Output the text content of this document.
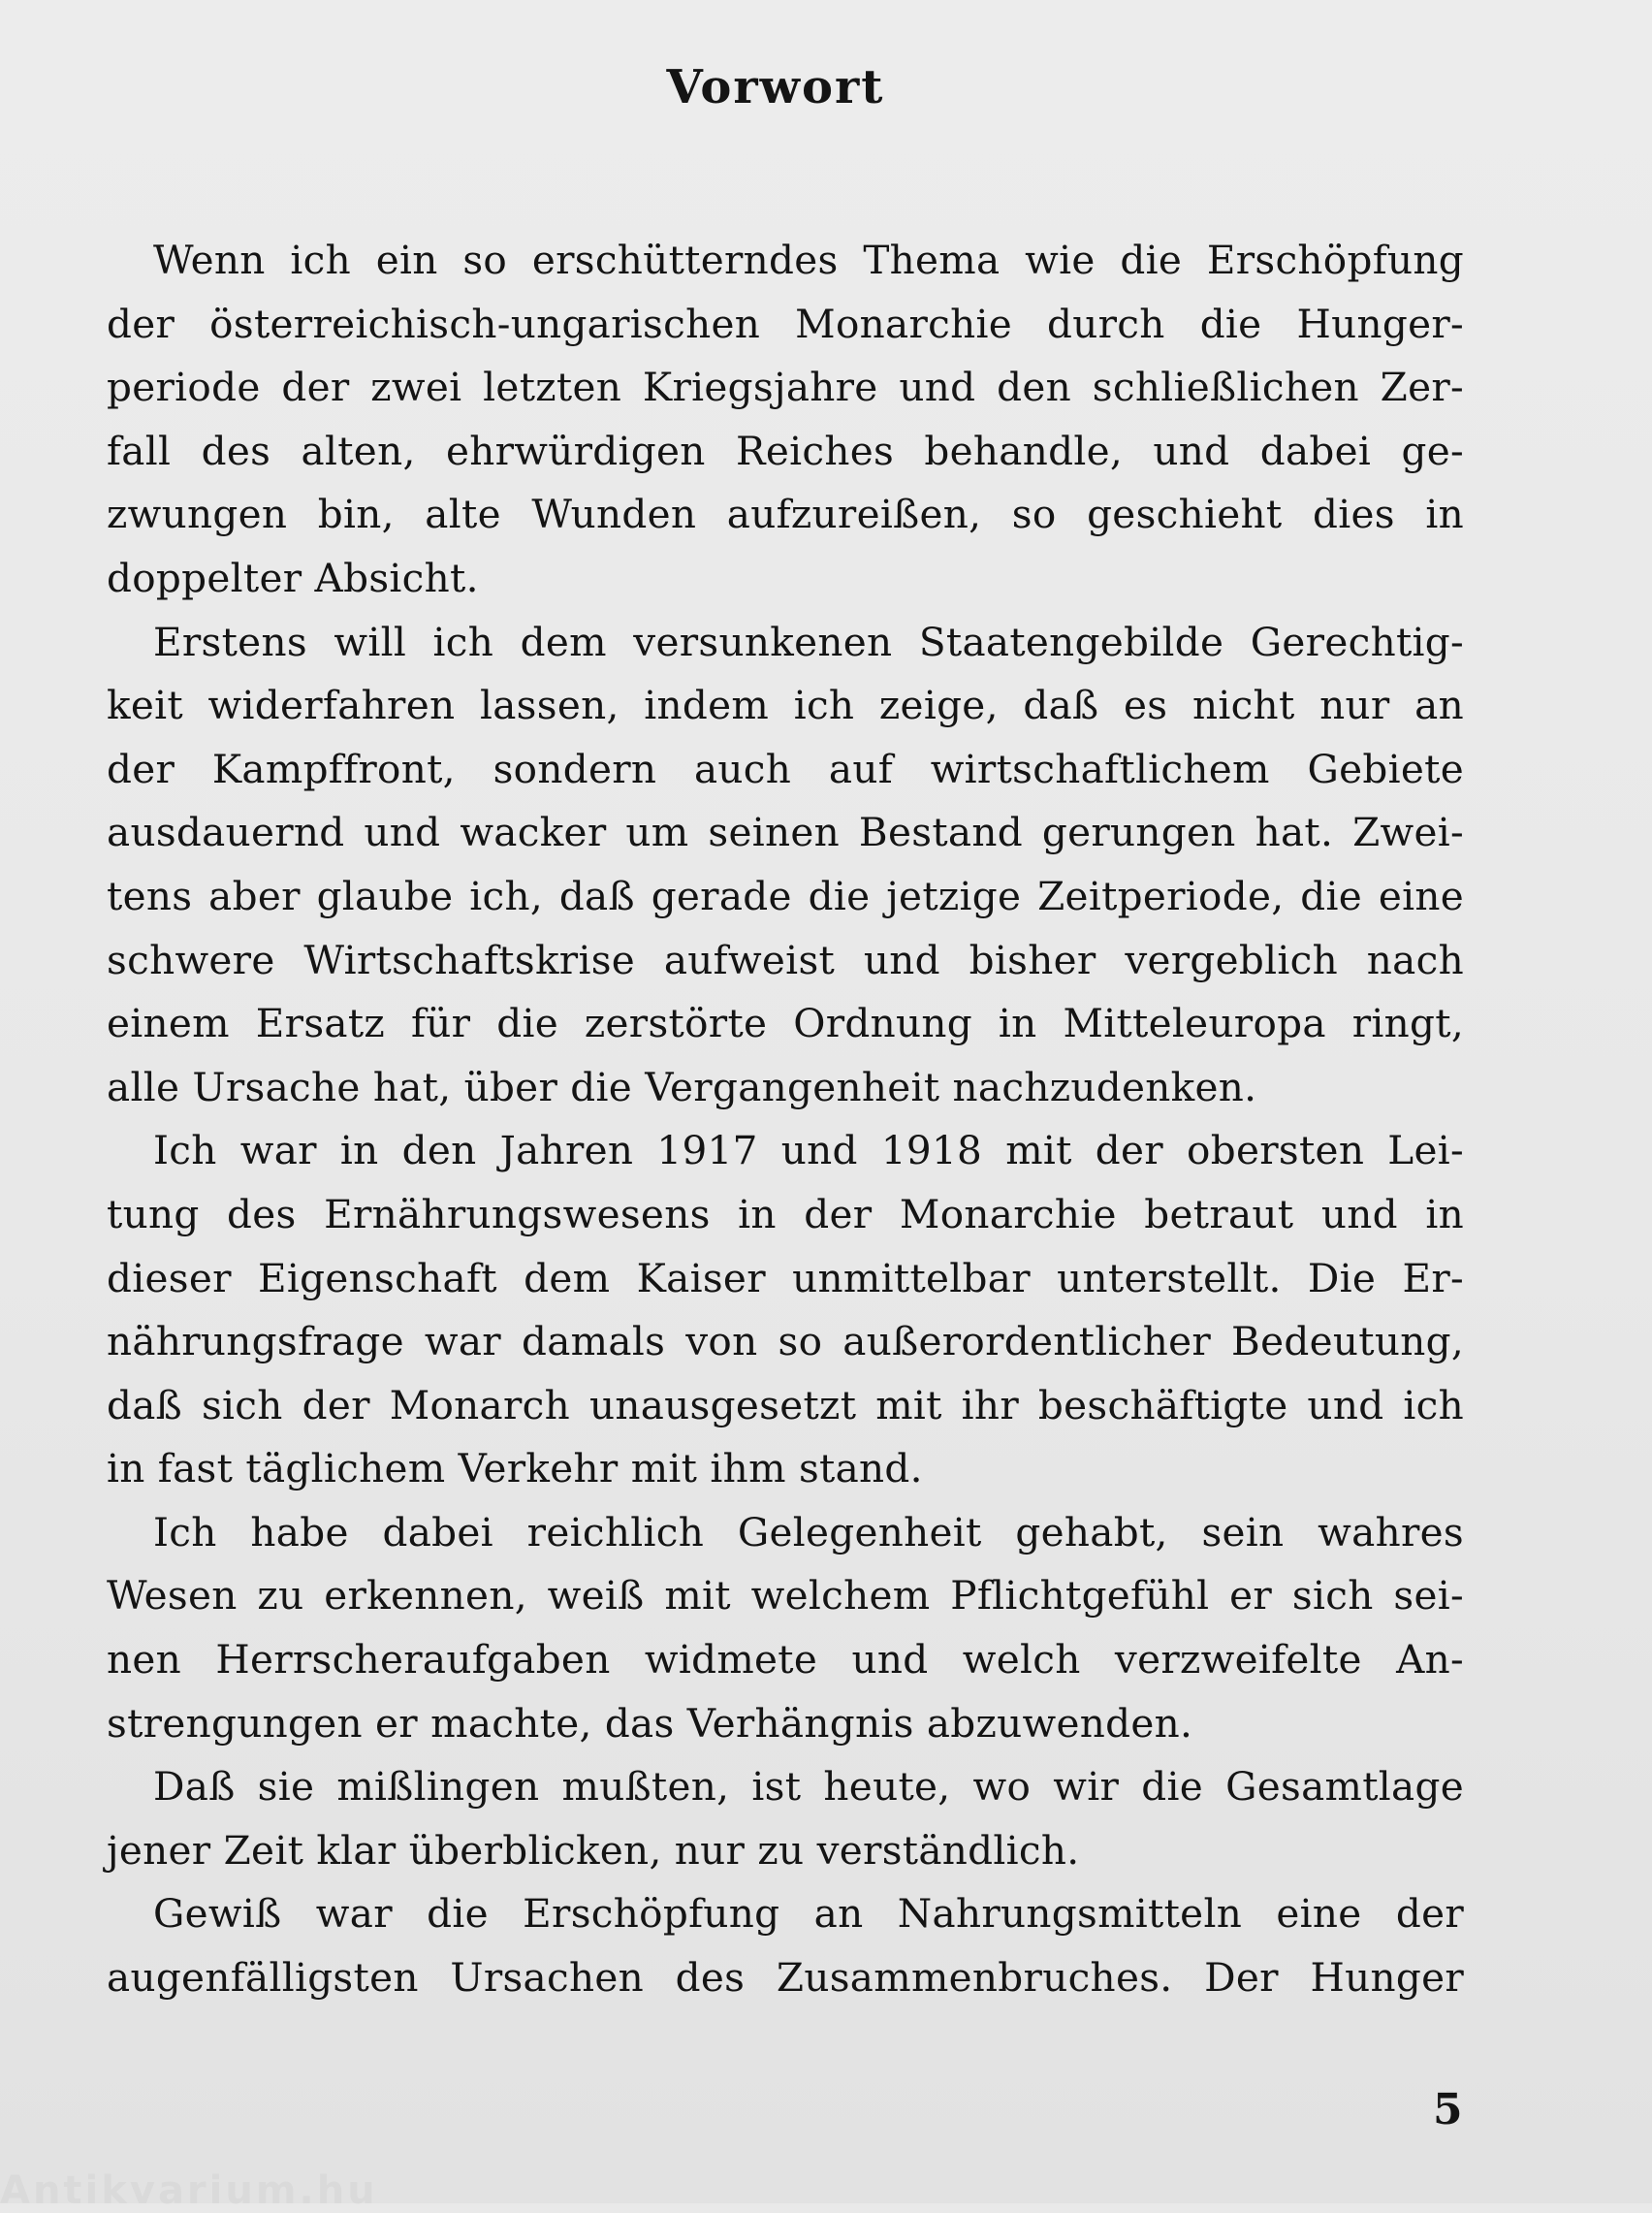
Vorwort

Wenn ich ein so erschütterndes Thema wie die Erschöpfung
der österreichisch-ungarischen Monarchie durch die Hunger-
periode der zwei letzten Kriegsjahre und den schließlichen Zer-
fall des alten, ehrwürdigen Reiches behandle, und dabei ge-
zwungen bin, alte Wunden aufzureißen, so geschieht dies in
doppelter Absicht.

Erstens will ich dem versunkenen Staatengebilde Gerechtig-
keit widerfahren lassen, indem ich zeige, daß es nicht nur an
der Kampffront, sondern auch auf wirtschaftlichem Gebiete
ausdauernd und wacker um seinen Bestand gerungen hat. Zwei-
tens aber glaube ich, daß gerade die jetzige Zeitperiode, die eine
schwere Wirtschaftskrise aufweist und bisher vergeblich nach
einem Ersatz für die zerstörte Ordnung in Mitteleuropa ringt,
alle Ursache hat, über die Vergangenheit nachzudenken.

Ich war in den Jahren 1917 und 1918 mit der obersten Lei-
tung des Ernährungswesens in der Monarchie betraut und in
dieser Eigenschaft dem Kaiser unmittelbar unterstellt. Die Er-
nährungsfrage war damals von so außerordentlicher Bedeutung,
daß sich der Monarch unausgesetzt mit ihr beschäftigte und ich
in fast täglichem Verkehr mit ihm stand.

Ich habe dabei reichlich Gelegenheit gehabt, sein wahres
Wesen zu erkennen, weiß mit welchem Pflichtgefühl er sich sei-
nen Herrscheraufgaben widmete und welch verzweifelte An-
strengungen er machte, das Verhängnis abzuwenden.

Daß sie mißlingen mußten, ist heute, wo wir die Gesamtlage
jener Zeit klar überblicken, nur zu verständlich.

Gewiß war die Erschöpfung an Nahrungsmitteln eine der
augenfälligsten Ursachen des Zusammenbruches. Der Hunger

5
Antikvarium.hu
